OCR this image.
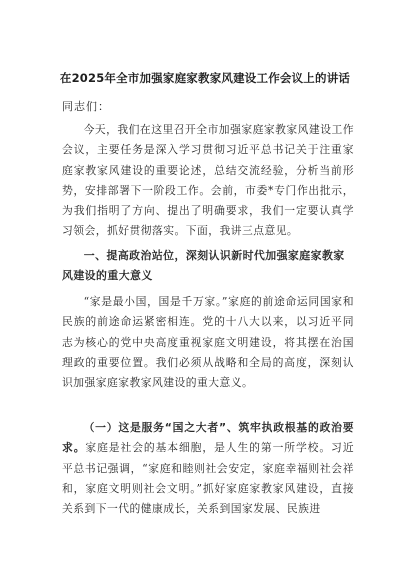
在2025年全市加强家庭家教家风建设工作会议上的讲话
同志们：

今天，我们在这里召开全市加强家庭家教家风建设工作会议，主要任务是深入学习贯彻习近平总书记关于注重家庭家教家风建设的重要论述，总结交流经验，分析当前形势，安排部署下一阶段工作。会前，市委*专门作出批示，为我们指明了方向、提出了明确要求，我们一定要认真学习领会，抓好贯彻落实。下面，我讲三点意见。

一、提高政治站位，深刻认识新时代加强家庭家教家风建设的重大意义

“家是最小国，国是千万家。”家庭的前途命运同国家和民族的前途命运紧密相连。党的十八大以来，以习近平同志为核心的党中央高度重视家庭文明建设，将其摆在治国理政的重要位置。我们必须从战略和全局的高度，深刻认识加强家庭家教家风建设的重大意义。

（一）这是服务“国之大者”、筑牢执政根基的政治要求。家庭是社会的基本细胞，是人生的第一所学校。习近平总书记强调，“家庭和睦则社会安定，家庭幸福则社会祥和，家庭文明则社会文明。”抓好家庭家教家风建设，直接关系到下一代的健康成长，关系到国家发展、民族进
